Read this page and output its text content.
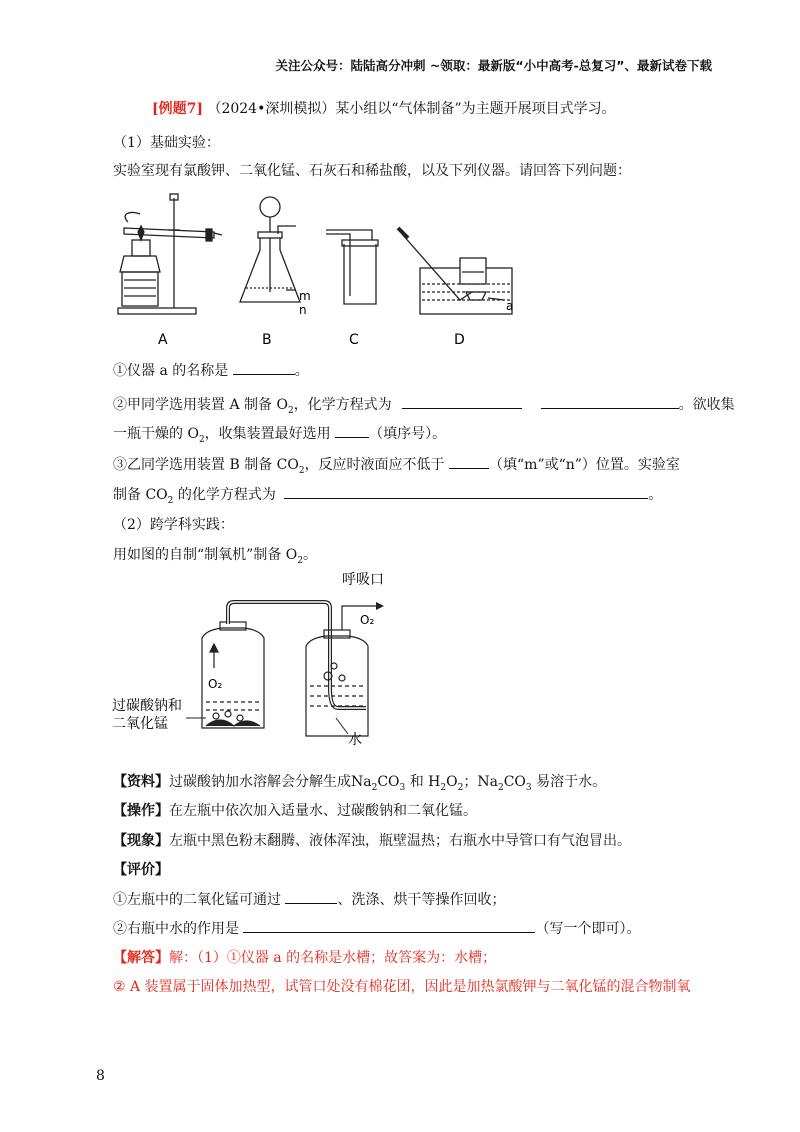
关注公众号：陆陆高分冲刺 ~领取：最新版“小中高考-总复习”、最新试卷下载
[例题7] （2024•深圳模拟）某小组以“气体制备”为主题开展项目式学习。
（1）基础实验：
实验室现有氯酸钾、二氧化锰、石灰石和稀盐酸，以及下列仪器。请回答下列问题：
A
m
n
B	C
a
D
①仪器 a 的名称是	。
②甲同学选用装置 A 制备 $O_2$，化学方程式为	。欲收集
一瓶干燥的 $O_2$，收集装置最好选用	（填序号）。
③乙同学选用装置 B 制备 $CO_2$，反应时液面应不低于	（填“m”或“n”）位置。实验室
制备 $CO_2$ 的化学方程式为	。
（2）跨学科实践：
用如图的自制“制氧机”制备 $O_2$。
O₂
呼吸口
O₂
过碳酸钠和
二氧化锰
水
【资料】过碳酸钠加水溶解会分解生成$Na_2CO_3$ 和 $H_2O_2$；$Na_2CO_3$ 易溶于水。
【操作】在左瓶中依次加入适量水、过碳酸钠和二氧化锰。
【现象】左瓶中黑色粉末翻腾、液体浑浊，瓶壁温热；右瓶水中导管口有气泡冒出。
【评价】
①左瓶中的二氧化锰可通过	、洗涤、烘干等操作回收；
②右瓶中水的作用是	（写一个即可）。
【解答】解：（1）①仪器 a 的名称是水槽；故答案为：水槽；
② A 装置属于固体加热型，试管口处没有棉花团，因此是加热氯酸钾与二氧化锰的混合物制氧
8
